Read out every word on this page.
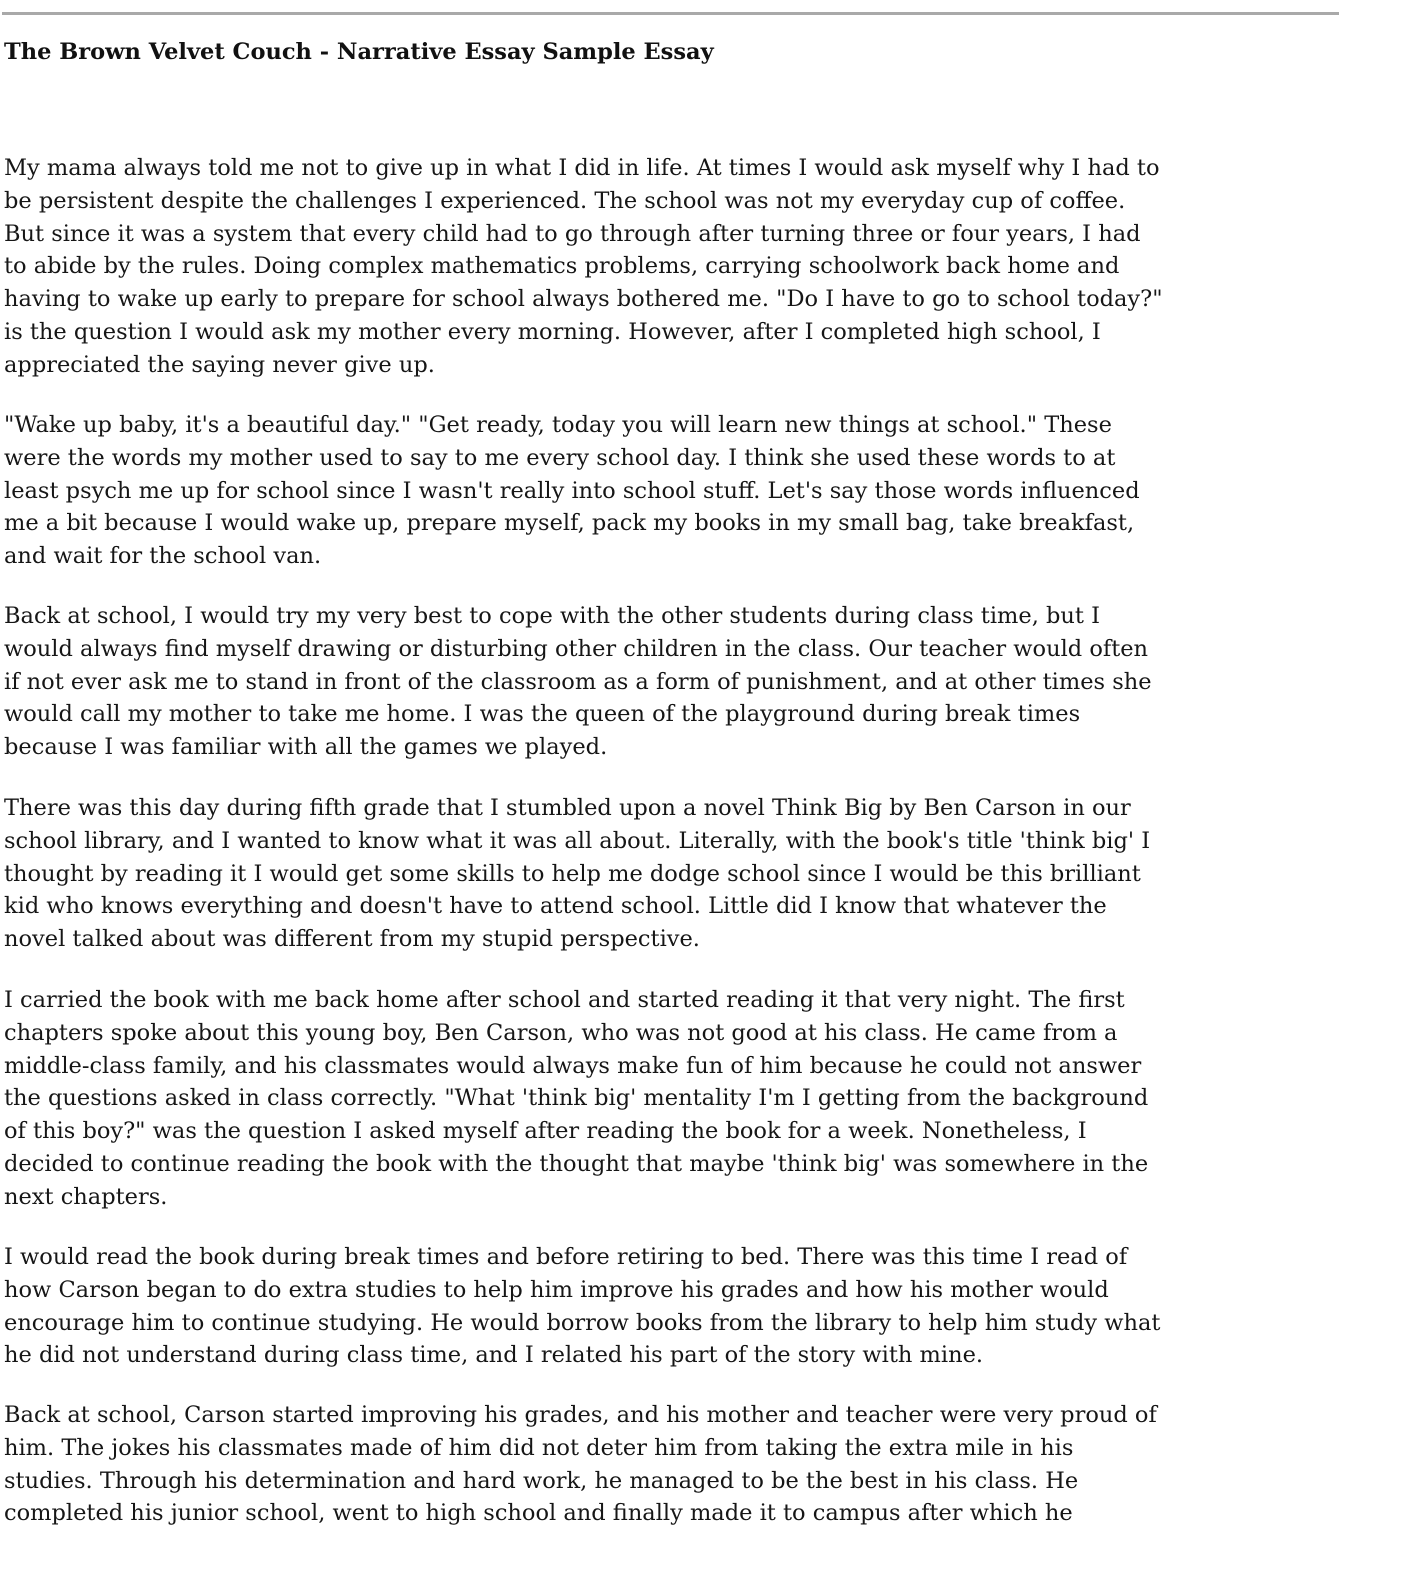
The Brown Velvet Couch - Narrative Essay Sample Essay

My mama always told me not to give up in what I did in life. At times I would ask myself why I had to
be persistent despite the challenges I experienced. The school was not my everyday cup of coffee.
But since it was a system that every child had to go through after turning three or four years, I had
to abide by the rules. Doing complex mathematics problems, carrying schoolwork back home and
having to wake up early to prepare for school always bothered me. "Do I have to go to school today?"
is the question I would ask my mother every morning. However, after I completed high school, I
appreciated the saying never give up.

"Wake up baby, it's a beautiful day." "Get ready, today you will learn new things at school." These
were the words my mother used to say to me every school day. I think she used these words to at
least psych me up for school since I wasn't really into school stuff. Let's say those words influenced
me a bit because I would wake up, prepare myself, pack my books in my small bag, take breakfast,
and wait for the school van.

Back at school, I would try my very best to cope with the other students during class time, but I
would always find myself drawing or disturbing other children in the class. Our teacher would often
if not ever ask me to stand in front of the classroom as a form of punishment, and at other times she
would call my mother to take me home. I was the queen of the playground during break times
because I was familiar with all the games we played.

There was this day during fifth grade that I stumbled upon a novel Think Big by Ben Carson in our
school library, and I wanted to know what it was all about. Literally, with the book's title 'think big' I
thought by reading it I would get some skills to help me dodge school since I would be this brilliant
kid who knows everything and doesn't have to attend school. Little did I know that whatever the
novel talked about was different from my stupid perspective.

I carried the book with me back home after school and started reading it that very night. The first
chapters spoke about this young boy, Ben Carson, who was not good at his class. He came from a
middle-class family, and his classmates would always make fun of him because he could not answer
the questions asked in class correctly. "What 'think big' mentality I'm I getting from the background
of this boy?" was the question I asked myself after reading the book for a week. Nonetheless, I
decided to continue reading the book with the thought that maybe 'think big' was somewhere in the
next chapters.

I would read the book during break times and before retiring to bed. There was this time I read of
how Carson began to do extra studies to help him improve his grades and how his mother would
encourage him to continue studying. He would borrow books from the library to help him study what
he did not understand during class time, and I related his part of the story with mine.

Back at school, Carson started improving his grades, and his mother and teacher were very proud of
him. The jokes his classmates made of him did not deter him from taking the extra mile in his
studies. Through his determination and hard work, he managed to be the best in his class. He
completed his junior school, went to high school and finally made it to campus after which he
